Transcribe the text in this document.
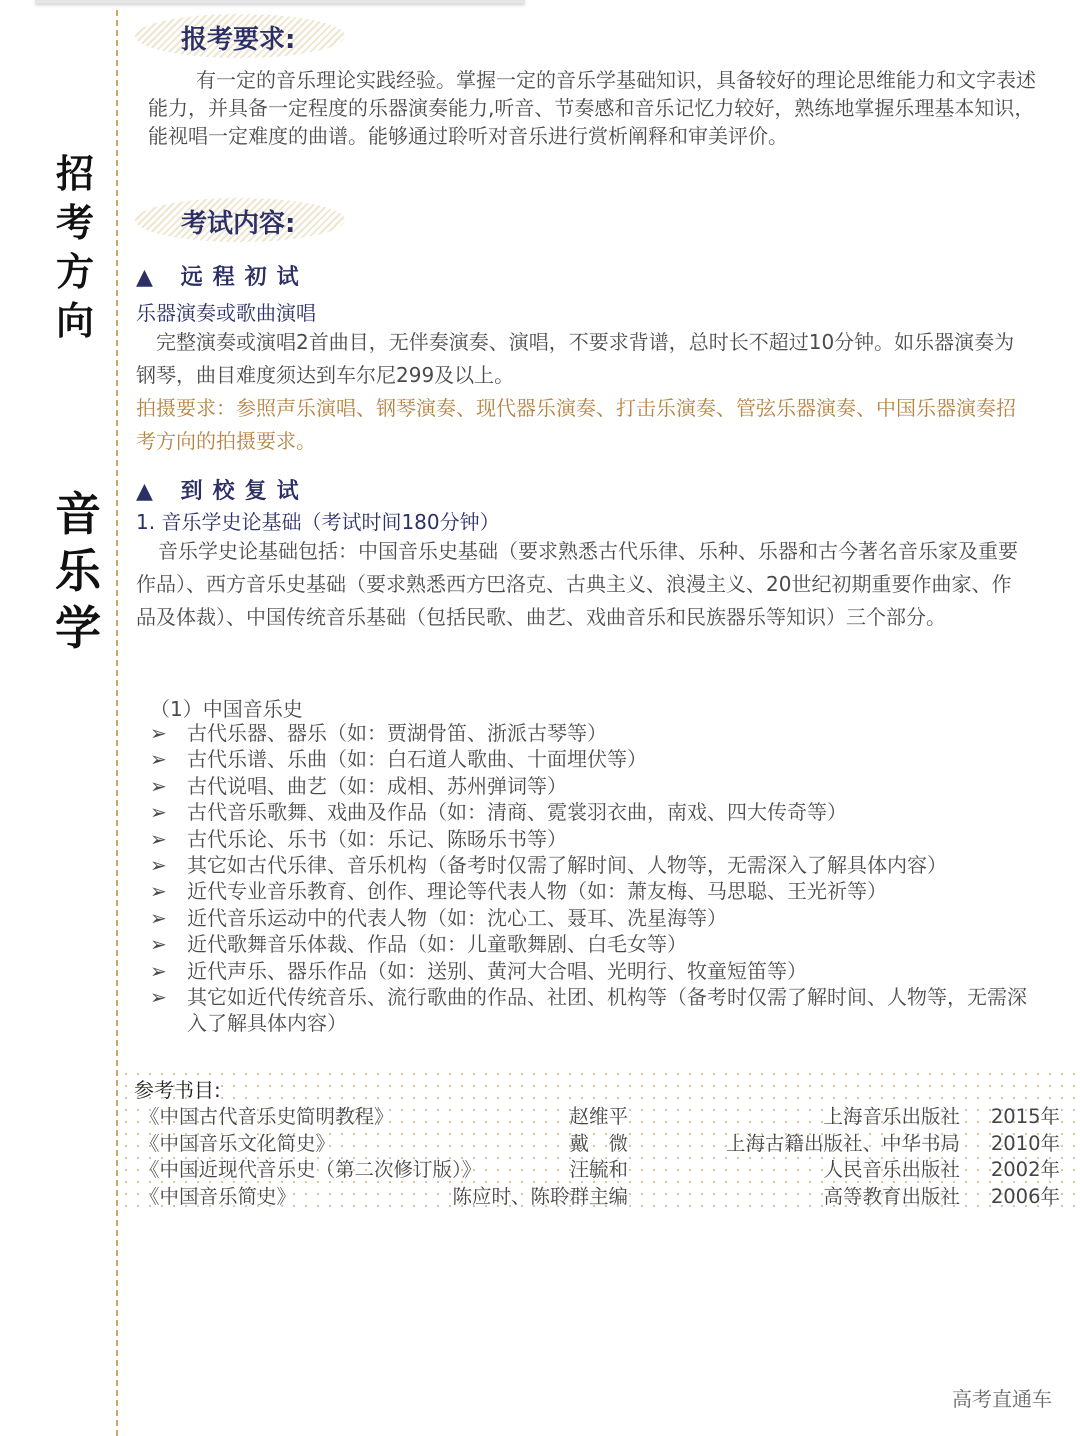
招考方向
音乐学
报考要求:
有一定的音乐理论实践经验。掌握一定的音乐学基础知识，具备较好的理论思维能力和文字表述能力，并具备一定程度的乐器演奏能力,听音、节奏感和音乐记忆力较好，熟练地掌握乐理基本知识，能视唱一定难度的曲谱。能够通过聆听对音乐进行赏析阐释和审美评价。
考试内容:
▲ 远程初试
乐器演奏或歌曲演唱
完整演奏或演唱2首曲目，无伴奏演奏、演唱，不要求背谱，总时长不超过10分钟。如乐器演奏为钢琴，曲目难度须达到车尔尼299及以上。
拍摄要求：参照声乐演唱、钢琴演奏、现代器乐演奏、打击乐演奏、管弦乐器演奏、中国乐器演奏招考方向的拍摄要求。
▲ 到校复试
1. 音乐学史论基础（考试时间180分钟）
音乐学史论基础包括：中国音乐史基础（要求熟悉古代乐律、乐种、乐器和古今著名音乐家及重要作品）、西方音乐史基础（要求熟悉西方巴洛克、古典主义、浪漫主义、20世纪初期重要作曲家、作品及体裁）、中国传统音乐基础（包括民歌、曲艺、戏曲音乐和民族器乐等知识）三个部分。
（1）中国音乐史
➢ 古代乐器、器乐（如：贾湖骨笛、浙派古琴等）
➢ 古代乐谱、乐曲（如：白石道人歌曲、十面埋伏等）
➢ 古代说唱、曲艺（如：成相、苏州弹词等）
➢ 古代音乐歌舞、戏曲及作品（如：清商、霓裳羽衣曲，南戏、四大传奇等）
➢ 古代乐论、乐书（如：乐记、陈旸乐书等）
➢ 其它如古代乐律、音乐机构（备考时仅需了解时间、人物等，无需深入了解具体内容）
➢ 近代专业音乐教育、创作、理论等代表人物（如：萧友梅、马思聪、王光祈等）
➢ 近代音乐运动中的代表人物（如：沈心工、聂耳、冼星海等）
➢ 近代歌舞音乐体裁、作品（如：儿童歌舞剧、白毛女等）
➢ 近代声乐、器乐作品（如：送别、黄河大合唱、光明行、牧童短笛等）
➢ 其它如近代传统音乐、流行歌曲的作品、社团、机构等（备考时仅需了解时间、人物等，无需深入了解具体内容）
参考书目:
《中国古代音乐史简明教程》	赵维平	上海音乐出版社 2015年
《中国音乐文化简史》	戴　微	上海古籍出版社、中华书局 2010年
《中国近现代音乐史（第二次修订版）》	汪毓和	人民音乐出版社 2002年
《中国音乐简史》	陈应时、陈聆群主编	高等教育出版社 2006年
高考直通车
